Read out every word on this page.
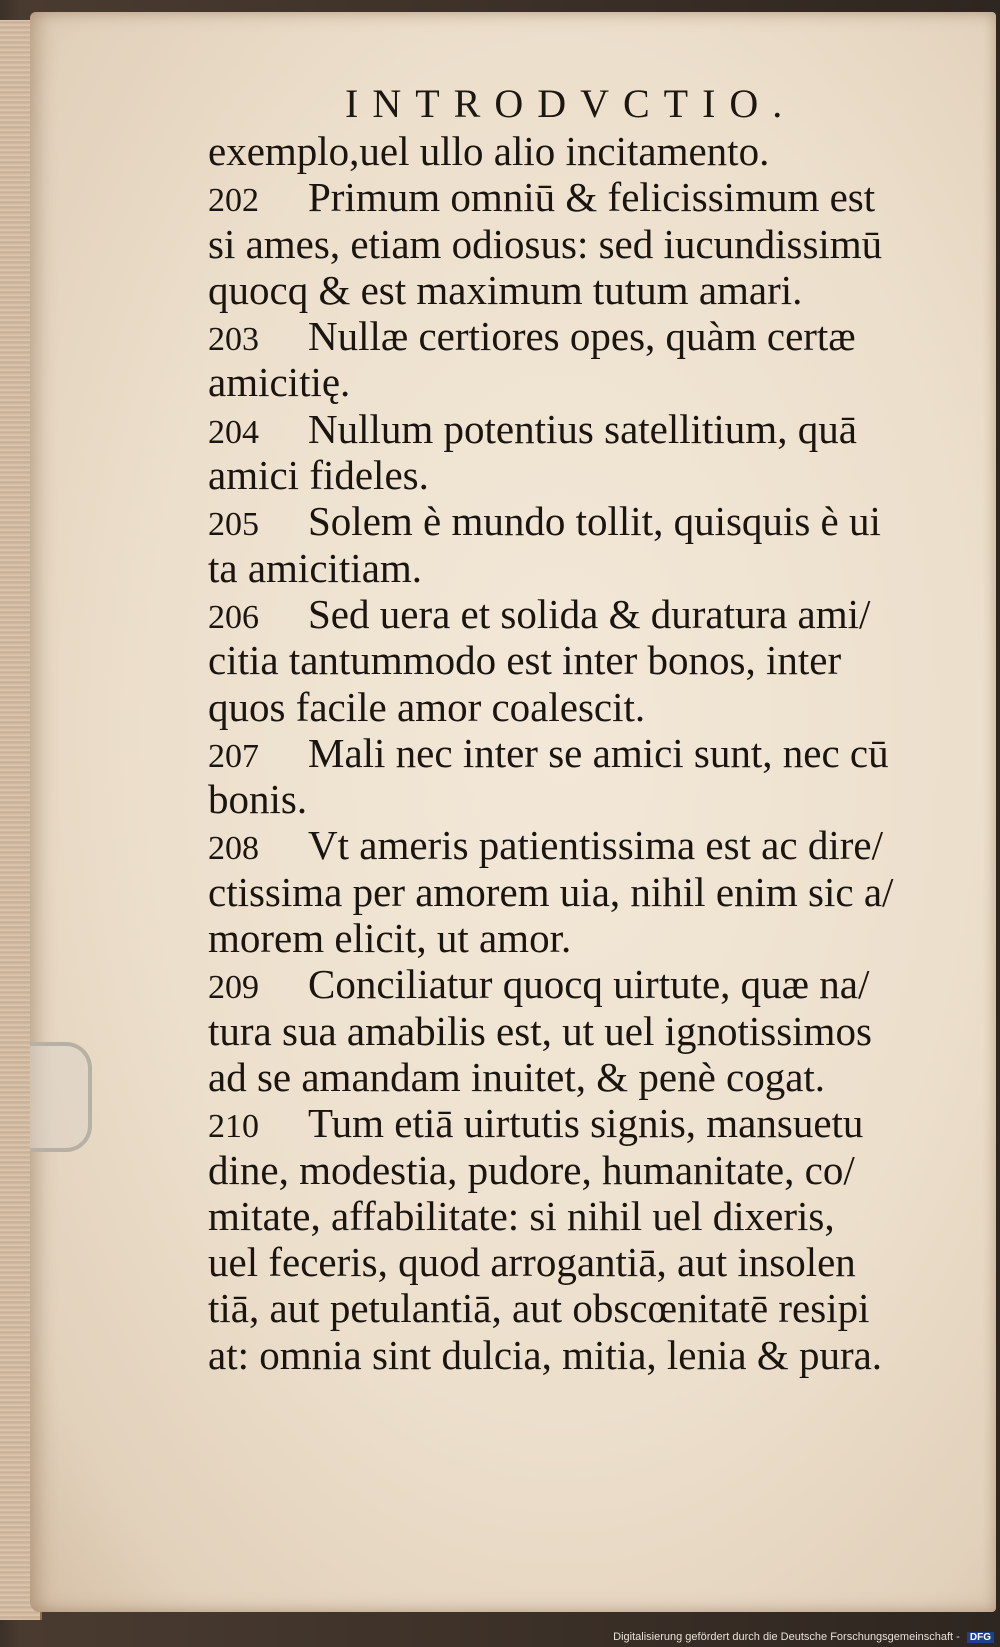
INTRODVCTIO.
exemplo,uel ullo alio incitamento.
202 Primum omniū & felicissimum est
si ames, etiam odiosus: sed iucundissimū
quocq & est maximum tutum amari.
203 Nullæ certiores opes, quàm certæ
amicitię.
204 Nullum potentius satellitium, quā
amici fideles.
205 Solem è mundo tollit, quisquis è ui
ta amicitiam.
206 Sed uera et solida & duratura ami/
citia tantummodo est inter bonos, inter
quos facile amor coalescit.
207 Mali nec inter se amici sunt, nec cū
bonis.
208 Vt ameris patientissima est ac dire/
ctissima per amorem uia, nihil enim sic a/
morem elicit, ut amor.
209 Conciliatur quocq uirtute, quæ na/
tura sua amabilis est, ut uel ignotissimos
ad se amandam inuitet, & penè cogat.
210 Tum etiā uirtutis signis, mansuetu
dine, modestia, pudore, humanitate, co/
mitate, affabilitate: si nihil uel dixeris,
uel feceris, quod arrogantiā, aut insolen
tiā, aut petulantiā, aut obscœnitatē resipi
at: omnia sint dulcia, mitia, lenia & pura.
Digitalisierung gefördert durch die Deutsche Forschungsgemeinschaft - DFG
